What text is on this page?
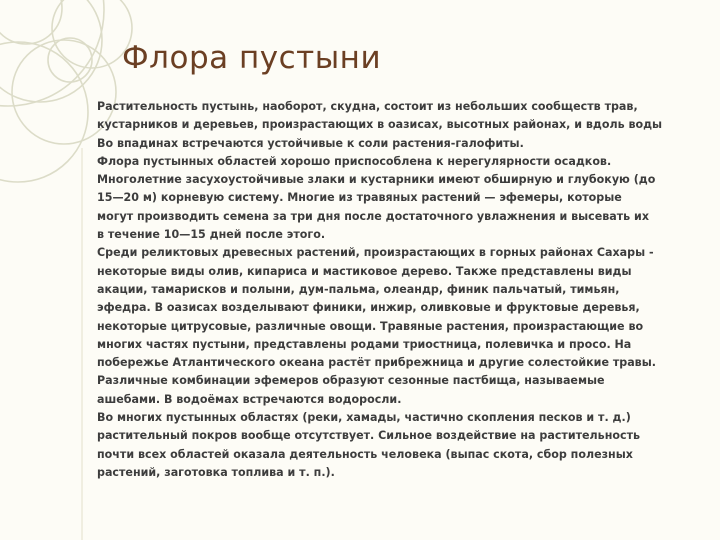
Флора пустыни
Растительность пустынь, наоборот, скудна, состоит из небольших сообществ трав,
кустарников и деревьев, произрастающих в оазисах, высотных районах, и вдоль воды
Во впадинах встречаются устойчивые к соли растения-галофиты.
Флора пустынных областей хорошо приспособлена к нерегулярности осадков.
Многолетние засухоустойчивые злаки и кустарники имеют обширную и глубокую (до
15—20 м) корневую систему. Многие из травяных растений — эфемеры, которые
могут производить семена за три дня после достаточного увлажнения и высевать их
в течение 10—15 дней после этого.
Среди реликтовых древесных растений, произрастающих в горных районах Сахары -
некоторые виды олив, кипариса и мастиковое дерево. Также представлены виды
акации, тамарисков и полыни, дум-пальма, олеандр, финик пальчатый, тимьян,
эфедра. В оазисах возделывают финики, инжир, оливковые и фруктовые деревья,
некоторые цитрусовые, различные овощи. Травяные растения, произрастающие во
многих частях пустыни, представлены родами триостница, полевичка и просо. На
побережье Атлантического океана растёт прибрежница и другие солестойкие травы.
Различные комбинации эфемеров образуют сезонные пастбища, называемые
ашебами. В водоёмах встречаются водоросли.
Во многих пустынных областях (реки, хамады, частично скопления песков и т. д.)
растительный покров вообще отсутствует. Сильное воздействие на растительность
почти всех областей оказала деятельность человека (выпас скота, сбор полезных
растений, заготовка топлива и т. п.).
